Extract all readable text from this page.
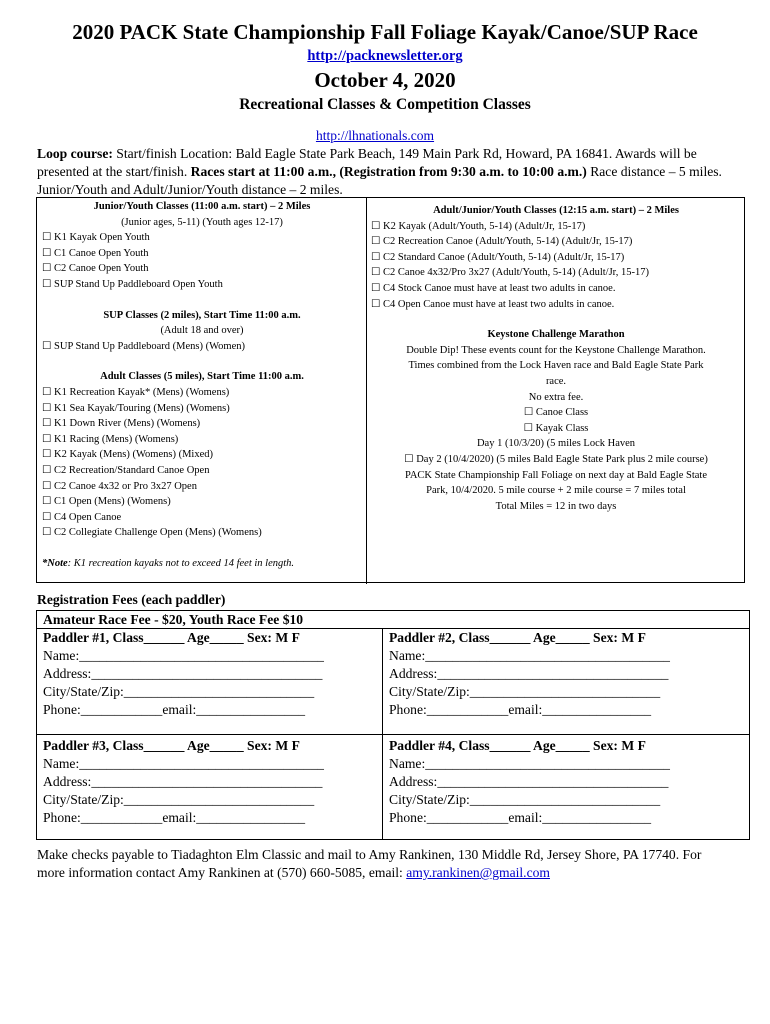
2020 PACK State Championship Fall Foliage Kayak/Canoe/SUP Race
http://packnewsletter.org
October 4, 2020
Recreational Classes & Competition Classes
http://lhnationals.com
Loop course: Start/finish Location: Bald Eagle State Park Beach, 149 Main Park Rd, Howard, PA 16841. Awards will be presented at the start/finish. Races start at 11:00 a.m., (Registration from 9:30 a.m. to 10:00 a.m.) Race distance – 5 miles. Junior/Youth and Adult/Junior/Youth distance – 2 miles.
Junior/Youth Classes (11:00 a.m. start) – 2 Miles
(Junior ages, 5-11) (Youth ages 12-17)
☐ K1 Kayak Open Youth
☐ C1 Canoe Open Youth
☐ C2 Canoe Open Youth
☐ SUP Stand Up Paddleboard Open Youth
SUP Classes (2 miles), Start Time 11:00 a.m.
(Adult 18 and over)
☐ SUP Stand Up Paddleboard (Mens) (Women)
Adult Classes (5 miles), Start Time 11:00 a.m.
☐ K1 Recreation Kayak* (Mens) (Womens)
☐ K1 Sea Kayak/Touring (Mens) (Womens)
☐ K1 Down River (Mens) (Womens)
☐ K1 Racing (Mens) (Womens)
☐ K2 Kayak (Mens) (Womens) (Mixed)
☐ C2 Recreation/Standard Canoe Open
☐ C2 Canoe 4x32 or Pro 3x27 Open
☐ C1 Open (Mens) (Womens)
☐ C4 Open Canoe
☐ C2 Collegiate Challenge Open (Mens) (Womens)
*Note: K1 recreation kayaks not to exceed 14 feet in length.
Adult/Junior/Youth Classes (12:15 a.m. start) – 2 Miles
☐ K2 Kayak (Adult/Youth, 5-14) (Adult/Jr, 15-17)
☐ C2 Recreation Canoe (Adult/Youth, 5-14) (Adult/Jr, 15-17)
☐ C2 Standard Canoe (Adult/Youth, 5-14) (Adult/Jr, 15-17)
☐ C2 Canoe 4x32/Pro 3x27 (Adult/Youth, 5-14) (Adult/Jr, 15-17)
☐ C4 Stock Canoe must have at least two adults in canoe.
☐ C4 Open Canoe must have at least two adults in canoe.
Keystone Challenge Marathon
Double Dip! These events count for the Keystone Challenge Marathon.
Times combined from the Lock Haven race and Bald Eagle State Park
race.
No extra fee.
☐ Canoe Class
☐ Kayak Class
Day 1 (10/3/20) (5 miles Lock Haven
☐ Day 2 (10/4/2020) (5 miles Bald Eagle State Park plus 2 mile course)
PACK State Championship Fall Foliage on next day at Bald Eagle State
Park, 10/4/2020. 5 mile course + 2 mile course = 7 miles total
Total Miles = 12 in two days
Registration Fees (each paddler)
Amateur Race Fee - $20, Youth Race Fee $10
Paddler #1, Class______ Age_____ Sex: M F
Name:____________________________________
Address:__________________________________
City/State/Zip:____________________________
Phone:____________email:________________
Paddler #2, Class______ Age_____ Sex: M F
Name:____________________________________
Address:__________________________________
City/State/Zip:____________________________
Phone:____________email:________________
Paddler #3, Class______ Age_____ Sex: M F
Name:____________________________________
Address:__________________________________
City/State/Zip:____________________________
Phone:____________email:________________
Paddler #4, Class______ Age_____ Sex: M F
Name:____________________________________
Address:__________________________________
City/State/Zip:____________________________
Phone:____________email:________________
Make checks payable to Tiadaghton Elm Classic and mail to Amy Rankinen, 130 Middle Rd, Jersey Shore, PA 17740. For more information contact Amy Rankinen at (570) 660-5085, email: amy.rankinen@gmail.com
